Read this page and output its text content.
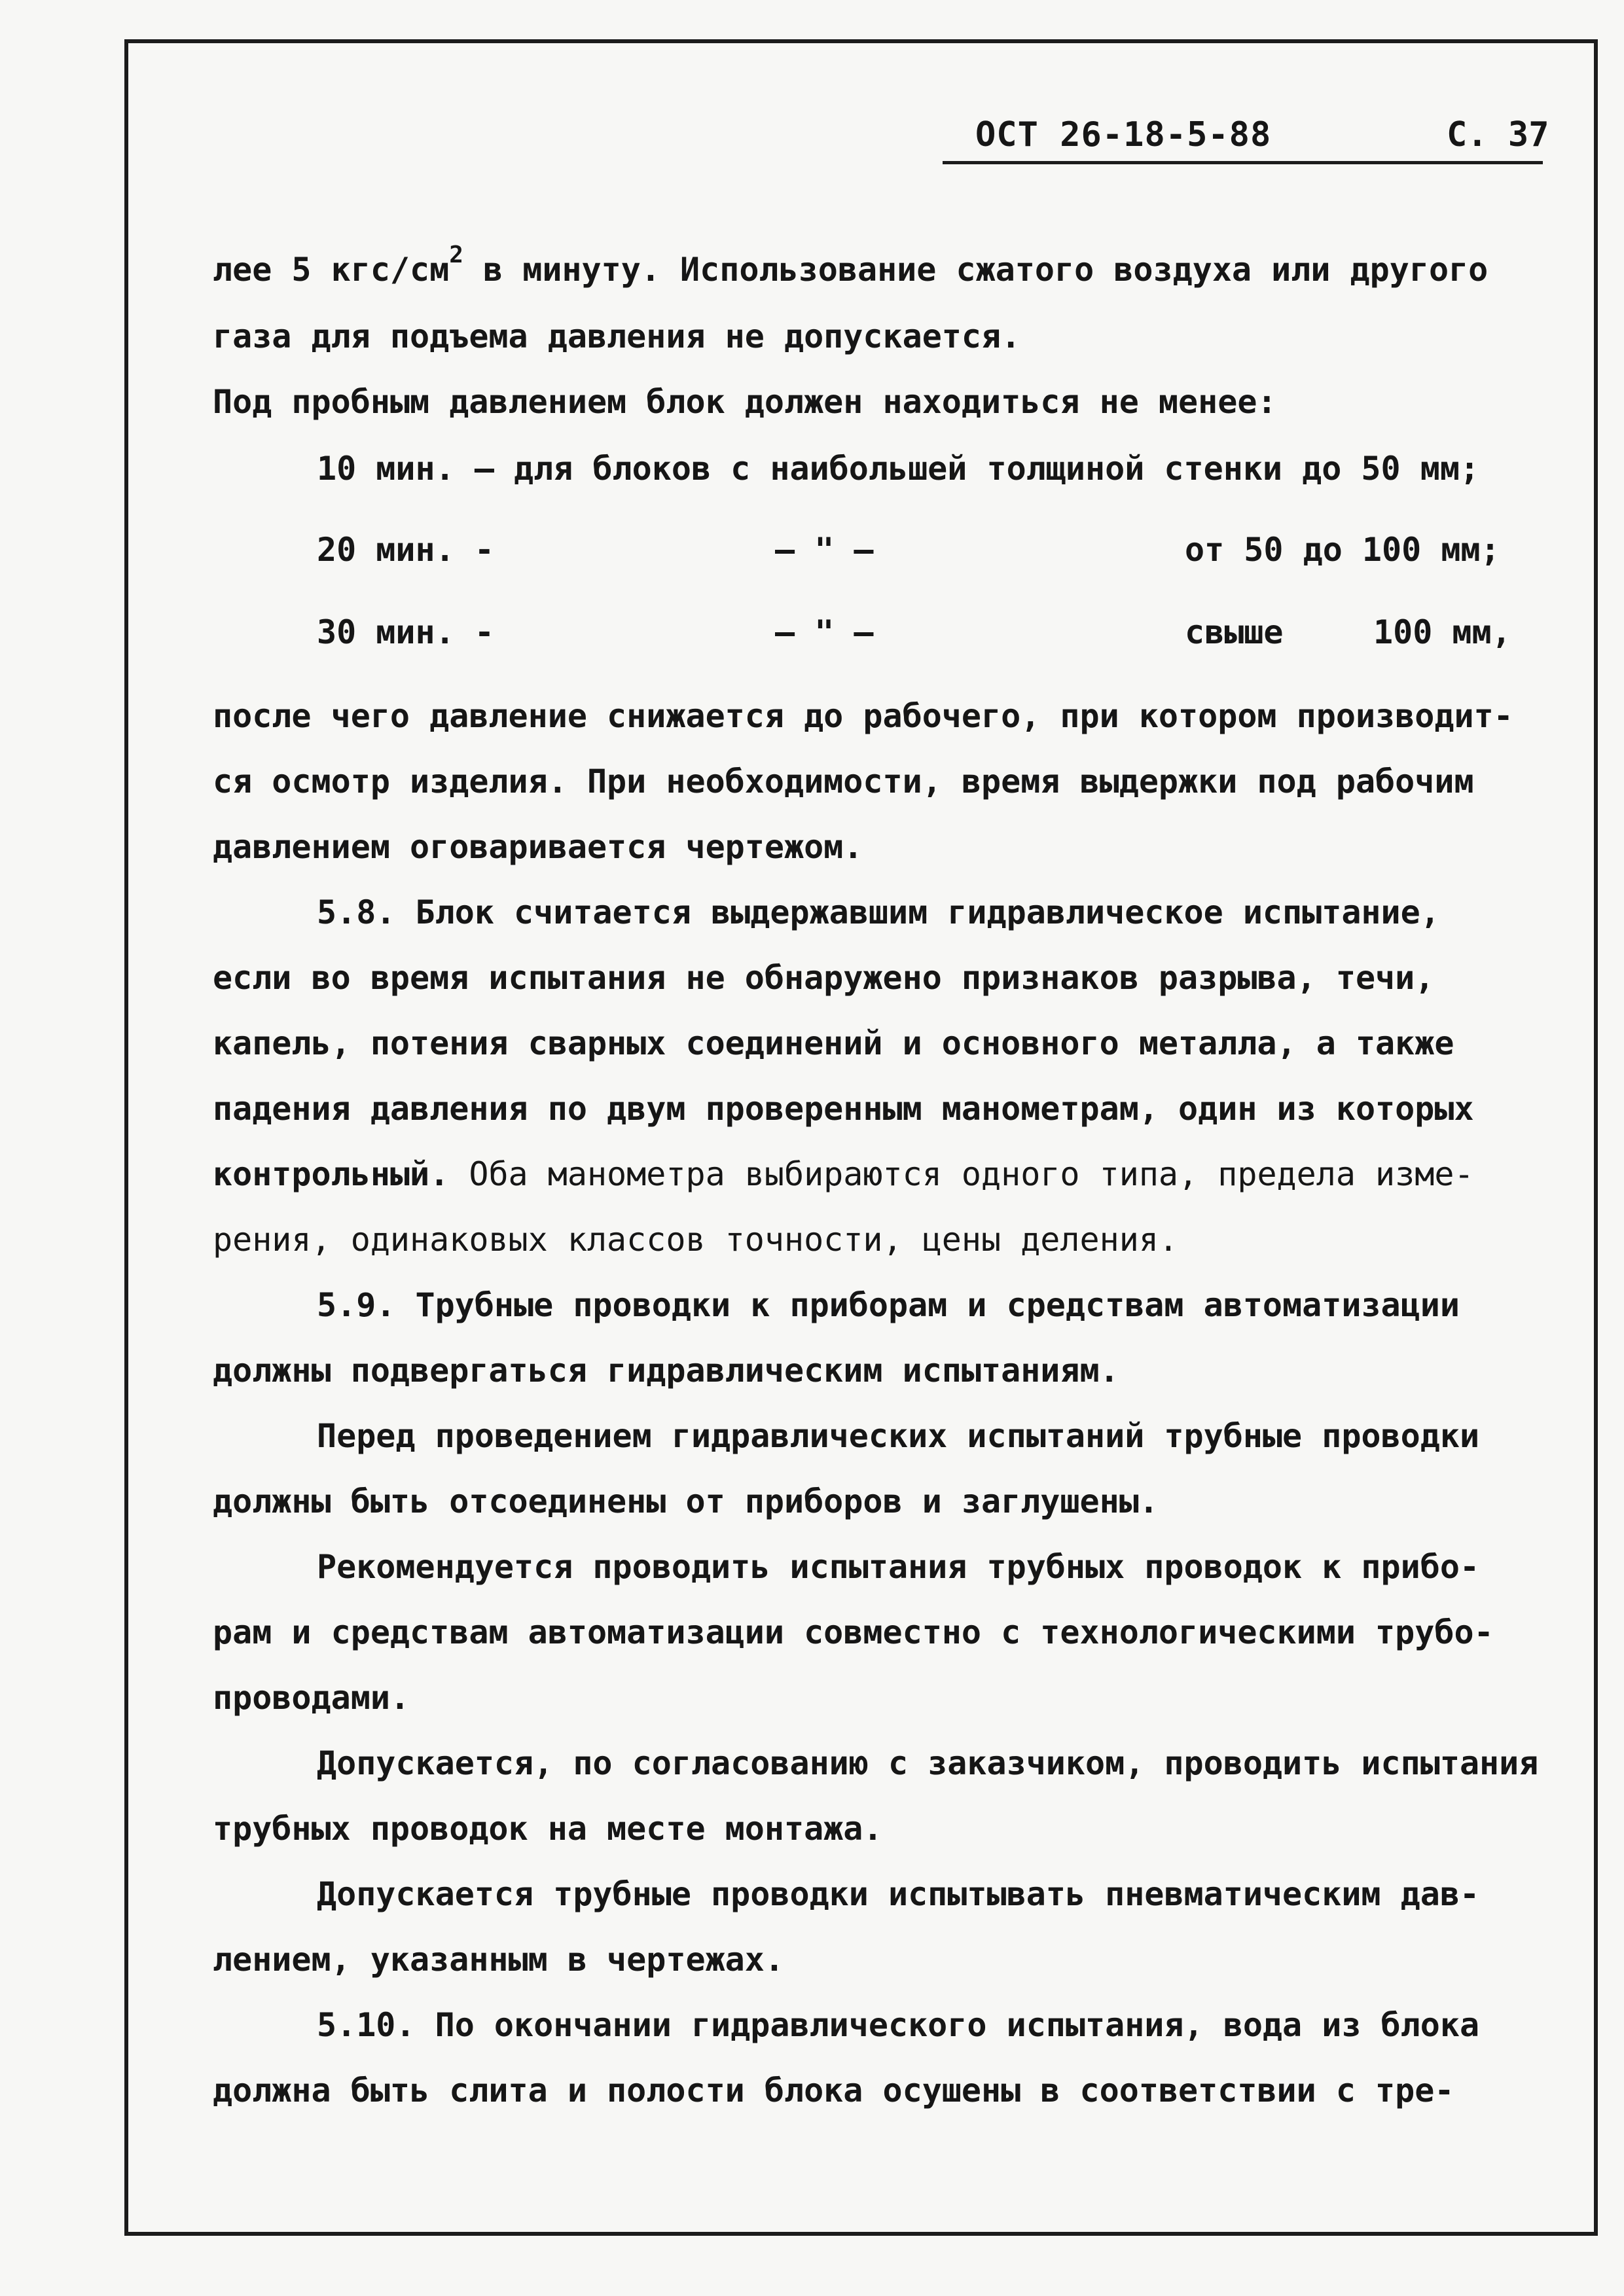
ОСТ 26-18-5-88	С. 37
лее 5 кгс/$см^2$ в минуту. Использование сжатого воздуха или другого
газа для подъема давления не допускается.
Под пробным давлением блок должен находиться не менее:
10 мин. – для блоков с наибольшей толщиной стенки до 50 мм;
20 мин. -	– " –	от 50 до 100 мм;
30 мин. -	– " –	свыше	100 мм,
после чего давление снижается до рабочего, при котором производит-
ся осмотр изделия. При необходимости, время выдержки под рабочим
давлением оговаривается чертежом.
5.8. Блок считается выдержавшим гидравлическое испытание,
если во время испытания не обнаружено признаков разрыва, течи,
капель, потения сварных соединений и основного металла, а также
падения давления по двум проверенным манометрам, один из которых
контрольный. Оба манометра выбираются одного типа, предела изме-
рения, одинаковых классов точности, цены деления.
5.9. Трубные проводки к приборам и средствам автоматизации
должны подвергаться гидравлическим испытаниям.
Перед проведением гидравлических испытаний трубные проводки
должны быть отсоединены от приборов и заглушены.
Рекомендуется проводить испытания трубных проводок к прибо-
рам и средствам автоматизации совместно с технологическими трубо-
проводами.
Допускается, по согласованию с заказчиком, проводить испытания
трубных проводок на месте монтажа.
Допускается трубные проводки испытывать пневматическим дав-
лением, указанным в чертежах.
5.10. По окончании гидравлического испытания, вода из блока
должна быть слита и полости блока осушены в соответствии с тре-
